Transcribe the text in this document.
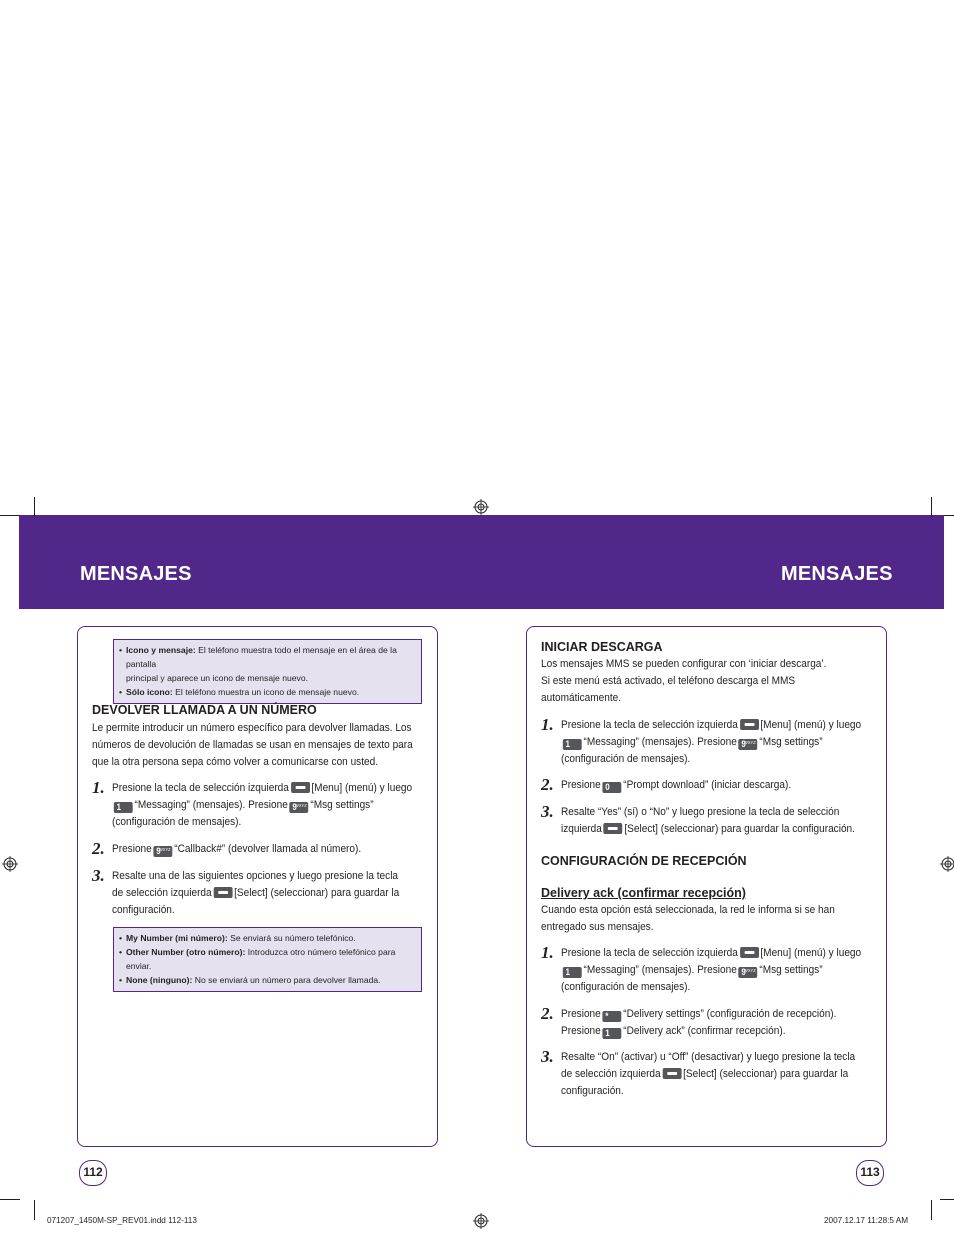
MENSAJES	MENSAJES
• Icono y mensaje: El teléfono muestra todo el mensaje en el área de la pantalla
principal y aparece un icono de mensaje nuevo.
• Sólo icono: El teléfono muestra un icono de mensaje nuevo.
DEVOLVER LLAMADA A UN NÚMERO
Le permite introducir un número específico para devolver llamadas. Los
números de devolución de llamadas se usan en mensajes de texto para
que la otra persona sepa cómo volver a comunicarse con usted.
1. Presione la tecla de selección izquierda [Menu] (menú) y luego
1 “Messaging” (mensajes). Presione 9 WXYZ “Msg settings”
(configuración de mensajes).
2. Presione 9 WXYZ “Callback#” (devolver llamada al número).
3. Resalte una de las siguientes opciones y luego presione la tecla
de selección izquierda [Select] (seleccionar) para guardar la
configuración.
• My Number (mi número): Se enviará su número telefónico.
• Other Number (otro número): Introduzca otro número telefónico para
enviar.
• None (ninguno): No se enviará un número para devolver llamada.
INICIAR DESCARGA
Los mensajes MMS se pueden configurar con ‘iniciar descarga’.
Si este menú está activado, el teléfono descarga el MMS
automáticamente.
1. Presione la tecla de selección izquierda [Menu] (menú) y luego
1 “Messaging” (mensajes). Presione 9 WXYZ “Msg settings”
(configuración de mensajes).
2. Presione 0 “Prompt download” (iniciar descarga).
3. Resalte “Yes” (sí) o “No” y luego presione la tecla de selección
izquierda [Select] (seleccionar) para guardar la configuración.
CONFIGURACIÓN DE RECEPCIÓN
Delivery ack (confirmar recepción)
Cuando esta opción está seleccionada, la red le informa si se han
entregado sus mensajes.
1. Presione la tecla de selección izquierda [Menu] (menú) y luego
1 “Messaging” (mensajes). Presione 9 WXYZ “Msg settings”
(configuración de mensajes).
2. Presione * “Delivery settings” (configuración de recepción).
Presione 1 “Delivery ack” (confirmar recepción).
3. Resalte “On” (activar) u “Off” (desactivar) y luego presione la tecla
de selección izquierda [Select] (seleccionar) para guardar la
configuración.
112	113
071207_1450M-SP_REV01.indd 112-113	2007.12.17 11:28:5 AM
